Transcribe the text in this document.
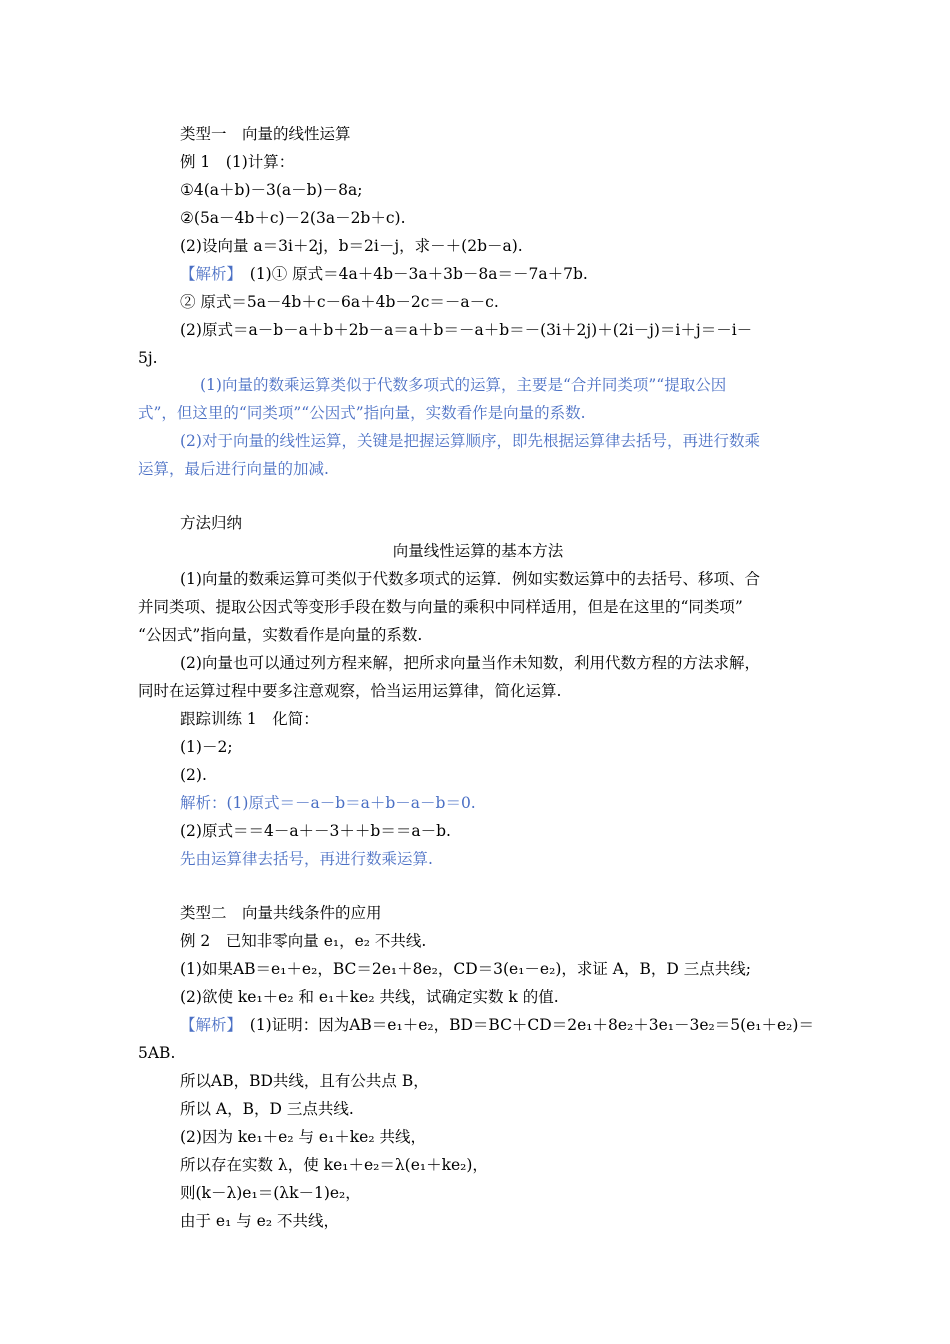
类型一　向量的线性运算
例 1　(1)计算：
①4(a＋b)－3(a－b)－8a;
②(5a－4b＋c)－2(3a－2b＋c).
(2)设向量 a＝3i＋2j，b＝2i－j，求－＋(2b－a).
【解析】　(1)① 原式＝4a＋4b－3a＋3b－8a＝－7a＋7b.
② 原式＝5a－4b＋c－6a＋4b－2c＝－a－c.
(2)原式＝a－b－a＋b＋2b－a＝a＋b＝－a＋b＝－(3i＋2j)＋(2i－j)＝i＋j＝－i－
5j.
(1)向量的数乘运算类似于代数多项式的运算，主要是“合并同类项”“提取公因
式”，但这里的“同类项”“公因式”指向量，实数看作是向量的系数.
(2)对于向量的线性运算，关键是把握运算顺序，即先根据运算律去括号，再进行数乘
运算，最后进行向量的加减.
方法归纳
向量线性运算的基本方法
(1)向量的数乘运算可类似于代数多项式的运算．例如实数运算中的去括号、移项、合
并同类项、提取公因式等变形手段在数与向量的乘积中同样适用，但是在这里的“同类项”
“公因式”指向量，实数看作是向量的系数.
(2)向量也可以通过列方程来解，把所求向量当作未知数，利用代数方程的方法求解，
同时在运算过程中要多注意观察，恰当运用运算律，简化运算.
跟踪训练 1　化简：
(1)－2;
(2).
解析：(1)原式＝－a－b＝a＋b－a－b＝0.
(2)原式＝＝4－a＋－3＋＋b＝＝a－b.
先由运算律去括号，再进行数乘运算.
类型二　向量共线条件的应用
例 2　已知非零向量 e₁，e₂ 不共线.
(1)如果AB＝e₁＋e₂，BC＝2e₁＋8e₂，CD＝3(e₁－e₂)，求证 A，B，D 三点共线;
(2)欲使 ke₁＋e₂ 和 e₁＋ke₂ 共线，试确定实数 k 的值.
【解析】　(1)证明：因为AB＝e₁＋e₂，BD＝BC＋CD＝2e₁＋8e₂＋3e₁－3e₂＝5(e₁＋e₂)＝
5AB.
所以AB，BD共线，且有公共点 B，
所以 A，B，D 三点共线.
(2)因为 ke₁＋e₂ 与 e₁＋ke₂ 共线，
所以存在实数 λ，使 ke₁＋e₂＝λ(e₁＋ke₂)，
则(k－λ)e₁＝(λk－1)e₂，
由于 e₁ 与 e₂ 不共线，
